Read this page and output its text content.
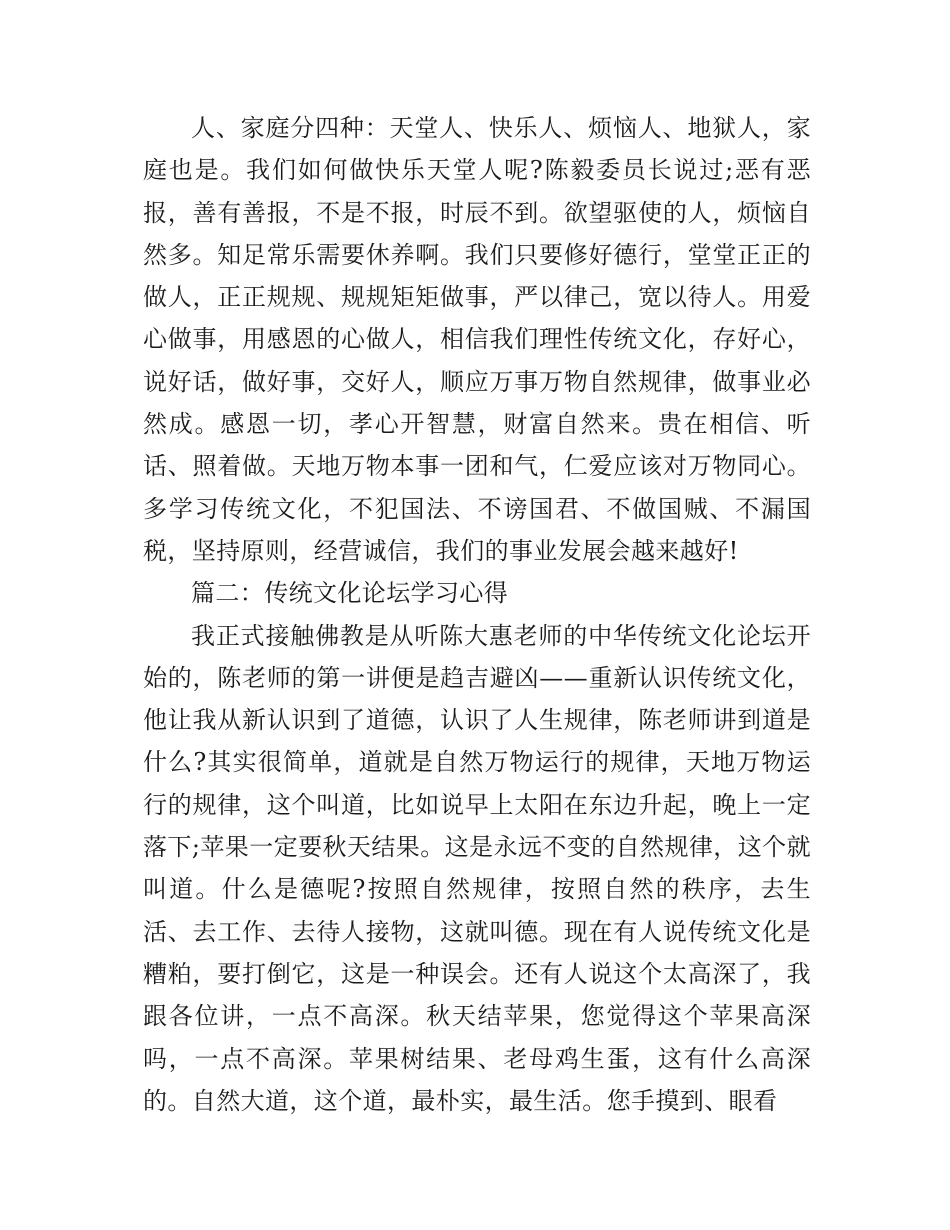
人、家庭分四种：天堂人、快乐人、烦恼人、地狱人，家庭也是。我们如何做快乐天堂人呢?陈毅委员长说过;恶有恶报，善有善报，不是不报，时辰不到。欲望驱使的人，烦恼自然多。知足常乐需要休养啊。我们只要修好德行，堂堂正正的做人，正正规规、规规矩矩做事，严以律己，宽以待人。用爱心做事，用感恩的心做人，相信我们理性传统文化，存好心，说好话，做好事，交好人，顺应万事万物自然规律，做事业必然成。感恩一切，孝心开智慧，财富自然来。贵在相信、听话、照着做。天地万物本事一团和气，仁爱应该对万物同心。多学习传统文化，不犯国法、不谤国君、不做国贼、不漏国税，坚持原则，经营诚信，我们的事业发展会越来越好!

篇二：传统文化论坛学习心得

我正式接触佛教是从听陈大惠老师的中华传统文化论坛开始的，陈老师的第一讲便是趋吉避凶——重新认识传统文化，他让我从新认识到了道德，认识了人生规律，陈老师讲到道是什么?其实很简单，道就是自然万物运行的规律，天地万物运行的规律，这个叫道，比如说早上太阳在东边升起，晚上一定落下;苹果一定要秋天结果。这是永远不变的自然规律，这个就叫道。什么是德呢?按照自然规律，按照自然的秩序，去生活、去工作、去待人接物，这就叫德。现在有人说传统文化是糟粕，要打倒它，这是一种误会。还有人说这个太高深了，我跟各位讲，一点不高深。秋天结苹果，您觉得这个苹果高深吗，一点不高深。苹果树结果、老母鸡生蛋，这有什么高深的。自然大道，这个道，最朴实，最生活。您手摸到、眼看
